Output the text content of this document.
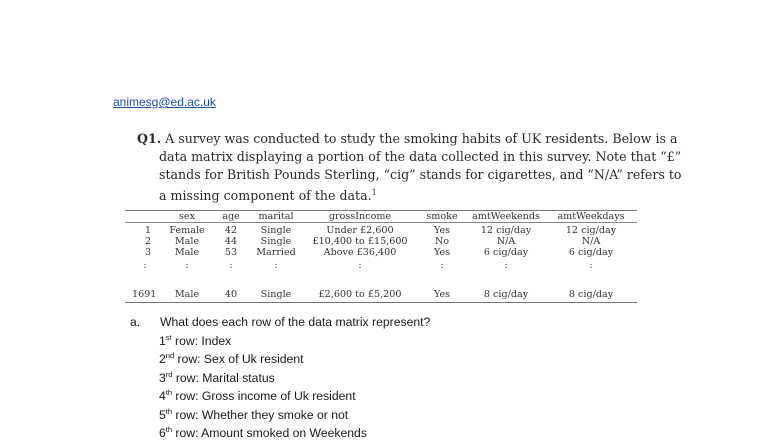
animesg@ed.ac.uk
Q1. A survey was conducted to study the smoking habits of UK residents. Below is a
data matrix displaying a portion of the data collected in this survey. Note that “£”
stands for British Pounds Sterling, “cig” stands for cigarettes, and “N/A” refers to
a missing component of the data.$^1$
sex	age marital	grossIncome	smoke amtWeekends amtWeekdays
1 Female 42 Single	Under £2,600	Yes	12 cig/day	12 cig/day
2 Male	44 Single £10,400 to £15,600	No	N/A	N/A
3 Male	53 Married	Above £36,400	Yes	6 cig/day	6 cig/day
:	:	:	:	:	:	:	:
1691 Male	40 Single	£2,600 to £5,200	Yes	8 cig/day	8 cig/day
a.	What does each row of the data matrix represent?
1st row: Index
2nd row: Sex of Uk resident
3rd row: Marital status
4th row: Gross income of Uk resident
5th row: Whether they smoke or not
6th row: Amount smoked on Weekends
